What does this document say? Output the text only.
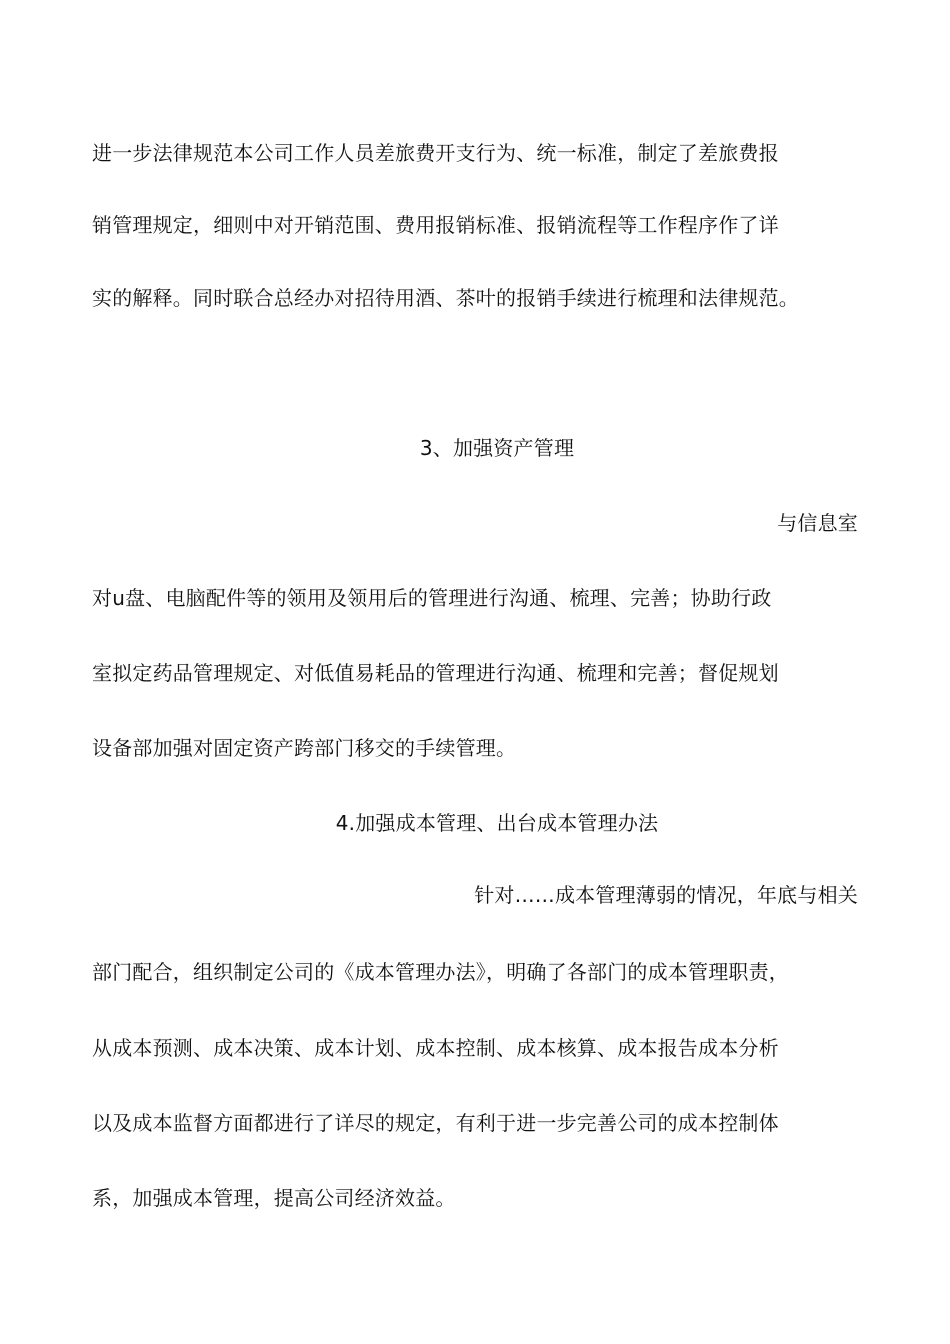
进一步法律规范本公司工作人员差旅费开支行为、统一标准，制定了差旅费报
销管理规定，细则中对开销范围、费用报销标准、报销流程等工作程序作了详
实的解释。同时联合总经办对招待用酒、茶叶的报销手续进行梳理和法律规范。
3、加强资产管理
与信息室
对u盘、电脑配件等的领用及领用后的管理进行沟通、梳理、完善；协助行政
室拟定药品管理规定、对低值易耗品的管理进行沟通、梳理和完善；督促规划
设备部加强对固定资产跨部门移交的手续管理。
4.加强成本管理、出台成本管理办法
针对……成本管理薄弱的情况，年底与相关
部门配合，组织制定公司的《成本管理办法》，明确了各部门的成本管理职责，
从成本预测、成本决策、成本计划、成本控制、成本核算、成本报告成本分析
以及成本监督方面都进行了详尽的规定，有利于进一步完善公司的成本控制体
系，加强成本管理，提高公司经济效益。
